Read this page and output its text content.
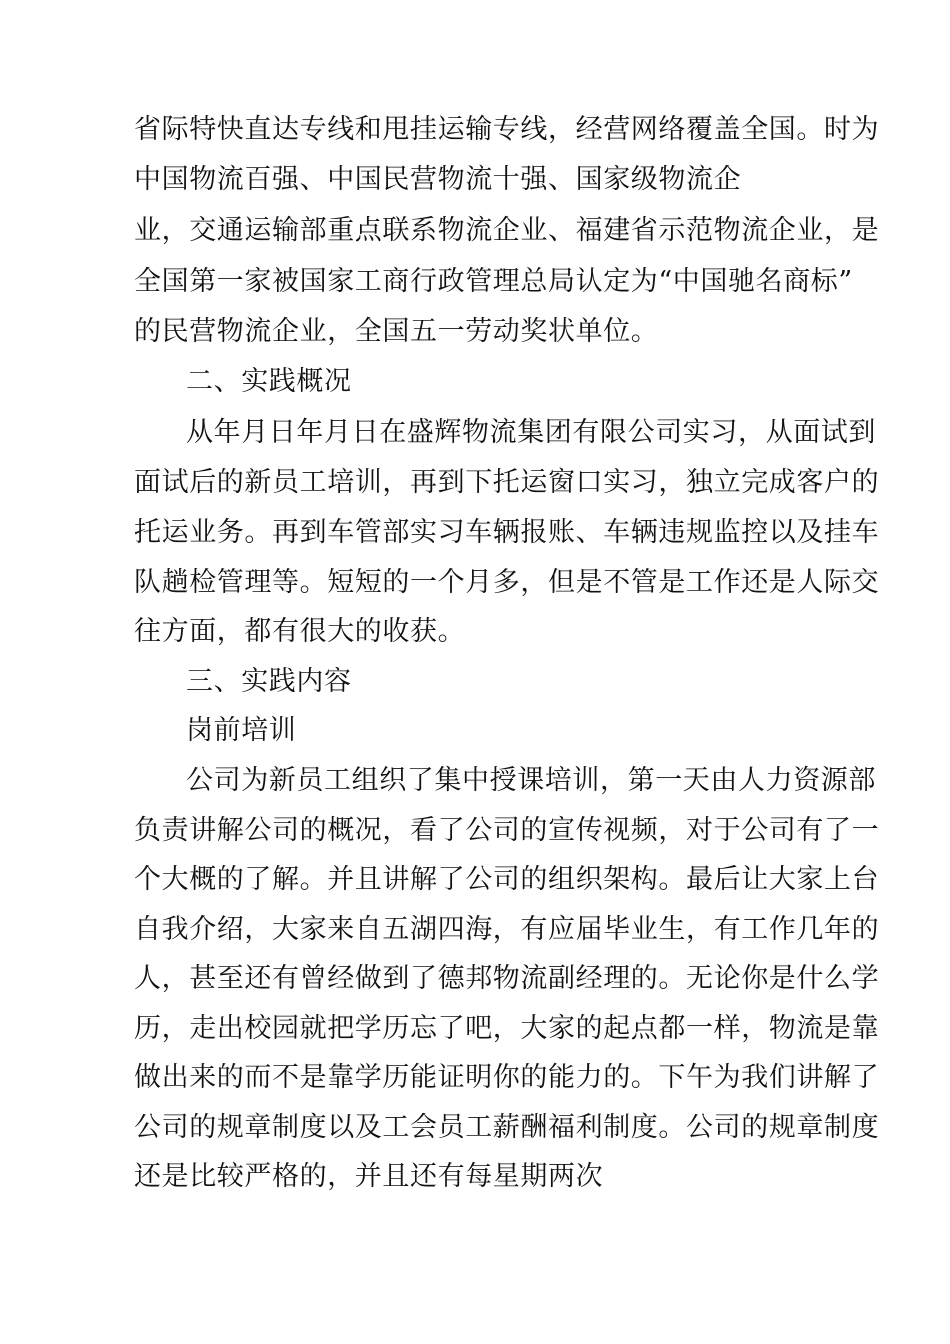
省际特快直达专线和甩挂运输专线，经营网络覆盖全国。时为
中国物流百强、中国民营物流十强、国家级物流企
业，交通运输部重点联系物流企业、福建省示范物流企业，是
全国第一家被国家工商行政管理总局认定为“中国驰名商标”
的民营物流企业，全国五一劳动奖状单位。
二、实践概况
从年月日年月日在盛辉物流集团有限公司实习，从面试到
面试后的新员工培训，再到下托运窗口实习，独立完成客户的
托运业务。再到车管部实习车辆报账、车辆违规监控以及挂车
队趟检管理等。短短的一个月多，但是不管是工作还是人际交
往方面，都有很大的收获。
三、实践内容
岗前培训
公司为新员工组织了集中授课培训，第一天由人力资源部
负责讲解公司的概况，看了公司的宣传视频，对于公司有了一
个大概的了解。并且讲解了公司的组织架构。最后让大家上台
自我介绍，大家来自五湖四海，有应届毕业生，有工作几年的
人，甚至还有曾经做到了德邦物流副经理的。无论你是什么学
历，走出校园就把学历忘了吧，大家的起点都一样，物流是靠
做出来的而不是靠学历能证明你的能力的。下午为我们讲解了
公司的规章制度以及工会员工薪酬福利制度。公司的规章制度
还是比较严格的，并且还有每星期两次
